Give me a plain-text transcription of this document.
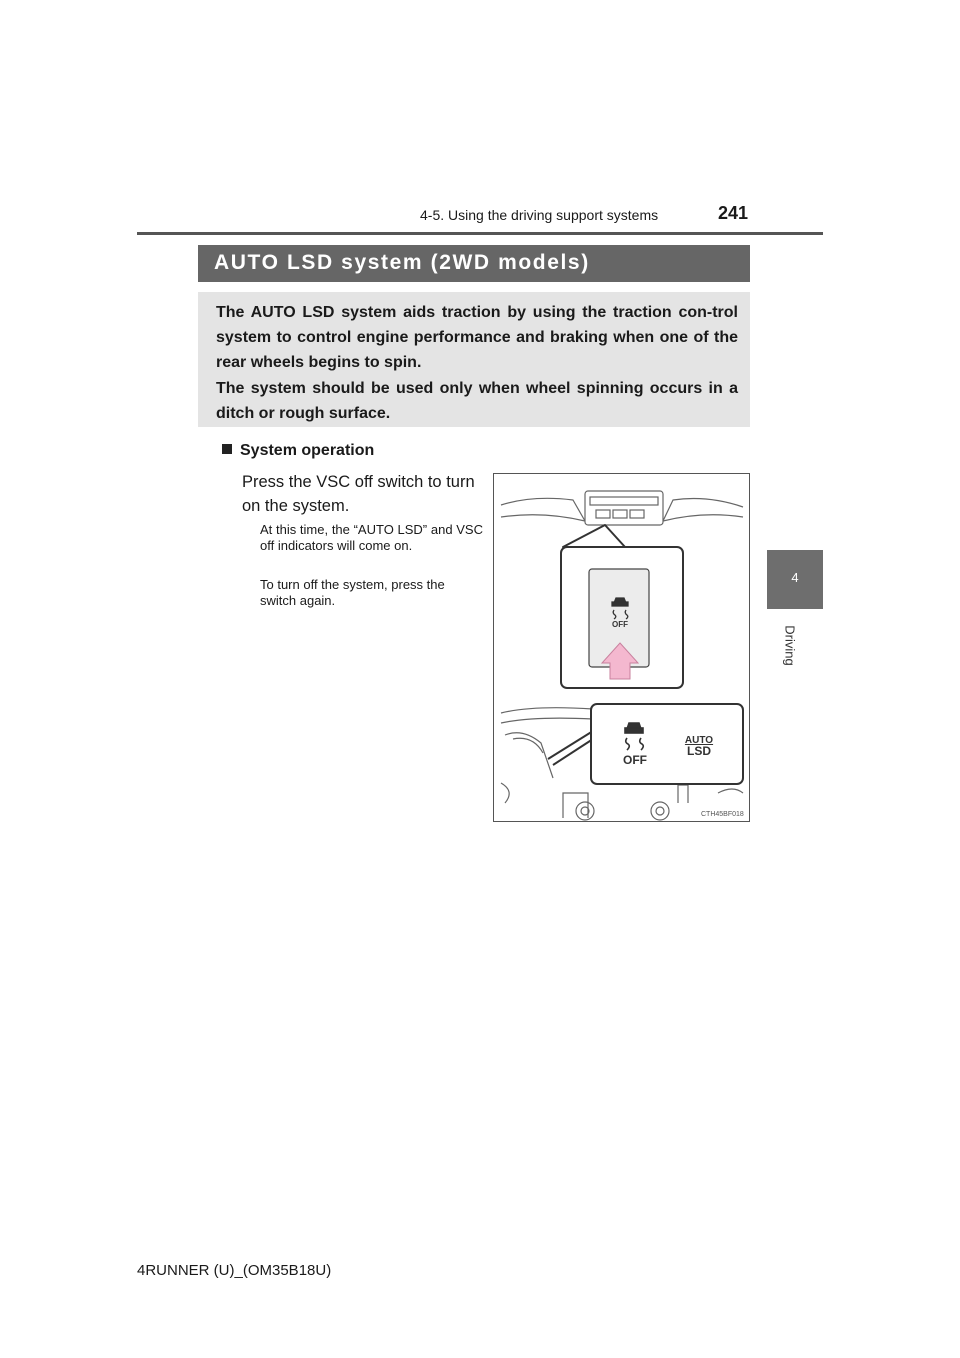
4-5. Using the driving support systems	241
4
Driving
AUTO LSD system (2WD models)

The AUTO LSD system aids traction by using the traction con-trol system to control engine performance and braking when one of the rear wheels begins to spin.

The system should be used only when wheel spinning occurs in a ditch or rough surface.

System operation
Press the VSC off switch to turn on the system.
At this time, the “AUTO LSD” and VSC off indicators will come on.
To turn off the system, press the switch again.
OFF
OFF
AUTO
LSD
CTH45BF018
4RUNNER (U)_(OM35B18U)
